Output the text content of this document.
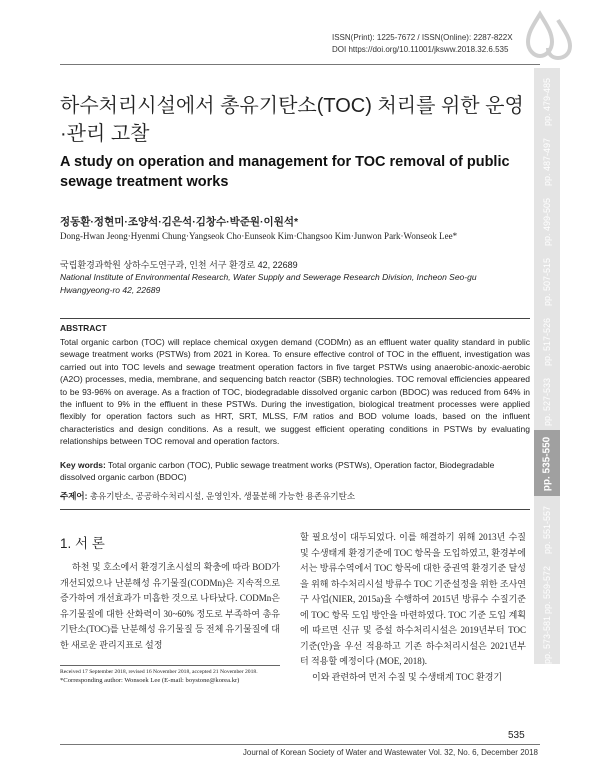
ISSN(Print): 1225-7672 / ISSN(Online): 2287-822X
DOI https://doi.org/10.11001/jksww.2018.32.6.535
pp. 479-485
pp. 487-497
pp. 499-505
pp. 507-515
pp. 517-526
pp. 527-533
pp. 535-550
pp. 551-557
pp. 559-572
pp. 573-581
하수처리시설에서 총유기탄소(TOC) 처리를 위한 운영·관리 고찰
A study on operation and management for TOC removal of public sewage treatment works
정동환·정현미·조양석·김은석·김창수·박준원·이원석*
Dong-Hwan Jeong·Hyenmi Chung·Yangseok Cho·Eunseok Kim·Changsoo Kim·Junwon Park·Wonseok Lee*
국립환경과학원 상하수도연구과, 인천 서구 환경로 42, 22689
National Institute of Environmental Research, Water Supply and Sewerage Research Division, Incheon Seo-gu Hwangyeong-ro 42, 22689
ABSTRACT

Total organic carbon (TOC) will replace chemical oxygen demand (CODMn) as an effluent water quality standard in public sewage treatment works (PSTWs) from 2021 in Korea. To ensure effective control of TOC in the effluent, investigation was carried out into TOC levels and sewage treatment operation factors in five target PSTWs using anaerobic-anoxic-aerobic (A2O) processes, media, membrane, and sequencing batch reactor (SBR) technologies. TOC removal efficiencies appeared to be 93-96% on average. As a fraction of TOC, biodegradable dissolved organic carbon (BDOC) was reduced from 64% in the influent to 9% in the effluent in these PSTWs. During the investigation, biological treatment processes were applied flexibly for operation factors such as HRT, SRT, MLSS, F/M ratios and BOD volume loads, based on the influent characteristics and design conditions. As a result, we suggest efficient operating conditions in PSTWs by evaluating relationships between TOC removal and operation factors.

Key words: Total organic carbon (TOC), Public sewage treatment works (PSTWs), Operation factor, Biodegradable dissolved organic carbon (BDOC)
주제어: 총유기탄소, 공공하수처리시설, 운영인자, 생물분해 가능한 용존유기탄소
1. 서 론

하천 및 호소에서 환경기초시설의 확충에 따라 BOD가 개선되었으나 난분해성 유기물질(CODMn)은 지속적으로 증가하여 개선효과가 미흡한 것으로 나타났다. CODMn은 유기물질에 대한 산화력이 30~60% 정도로 부족하여 총유기탄소(TOC)를 난분해성 유기물질 등 전체 유기물질에 대한 새로운 관리지표로 설정

할 필요성이 대두되었다. 이를 해결하기 위해 2013년 수질 및 수생태계 환경기준에 TOC 항목을 도입하였고, 환경부에서는 방류수역에서 TOC 항목에 대한 중권역 환경기준 달성을 위해 하수처리시설 방류수 TOC 기준설정을 위한 조사연구 사업(NIER, 2015a)을 수행하여 2015년 방류수 수질기준에 TOC 항목 도입 방안을 마련하였다. TOC 기준 도입 계획에 따르면 신규 및 증설 하수처리시설은 2019년부터 TOC 기준(안)을 우선 적용하고 기존 하수처리시설은 2021년부터 적용할 예정이다 (MOE, 2018).

이와 관련하여 먼저 수질 및 수생태계 TOC 환경기

Received 17 September 2018, revised 16 November 2018, accepted 21 November 2018.
*Corresponding author: Wonsoek Lee (E-mail: boystone@korea.kr)
535
Journal of Korean Society of Water and Wastewater Vol. 32, No. 6, December 2018
